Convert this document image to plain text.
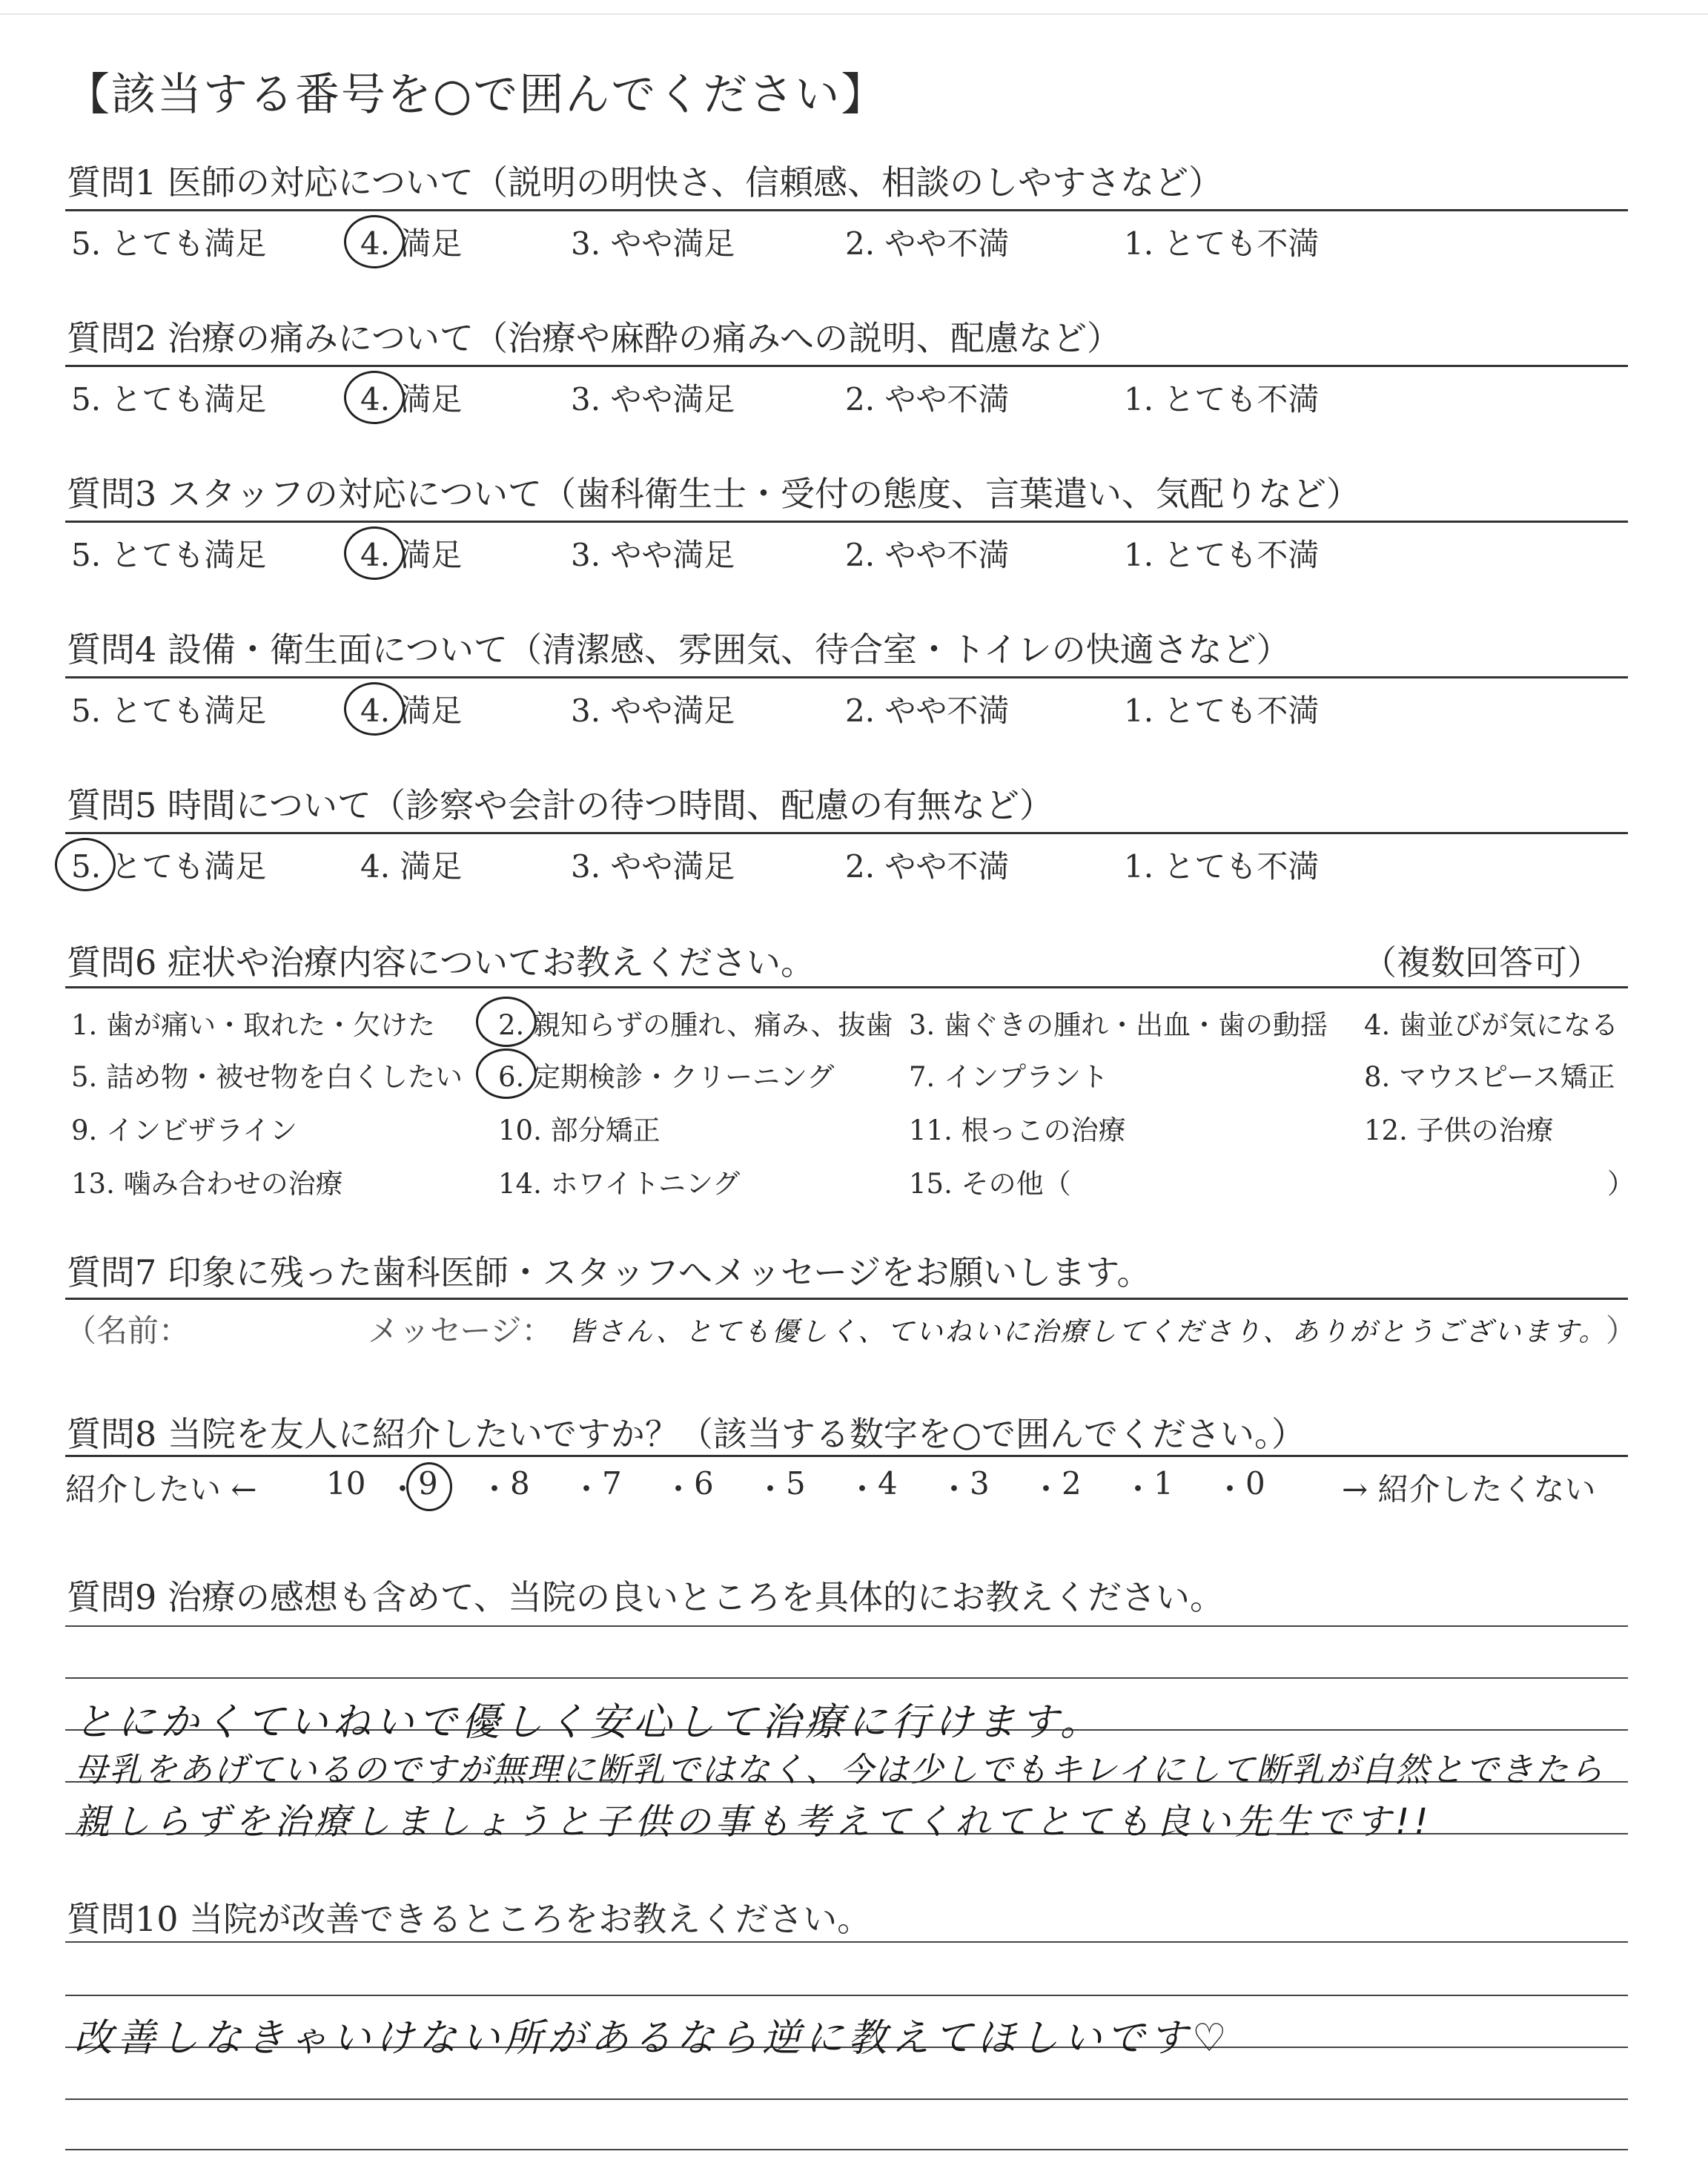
【該当する番号を○で囲んでください】
質問1 医師の対応について（説明の明快さ、信頼感、相談のしやすさなど）
5. とても満足	4. 満足	3. やや満足	2. やや不満	1. とても不満
質問2 治療の痛みについて（治療や麻酔の痛みへの説明、配慮など）
5. とても満足	4. 満足	3. やや満足	2. やや不満	1. とても不満
質問3 スタッフの対応について（歯科衛生士・受付の態度、言葉遣い、気配りなど）
5. とても満足	4. 満足	3. やや満足	2. やや不満	1. とても不満
質問4 設備・衛生面について（清潔感、雰囲気、待合室・トイレの快適さなど）
5. とても満足	4. 満足	3. やや満足	2. やや不満	1. とても不満
質問5 時間について（診察や会計の待つ時間、配慮の有無など）
5. とても満足	4. 満足	3. やや満足	2. やや不満	1. とても不満
質問6 症状や治療内容についてお教えください。	（複数回答可）
1. 歯が痛い・取れた・欠けた 2. 親知らずの腫れ、痛み、抜歯 3. 歯ぐきの腫れ・出血・歯の動揺 4. 歯並びが気になる
5. 詰め物・被せ物を白くしたい 6. 定期検診・クリーニング	7. インプラント	8. マウスピース矯正
9. インビザライン	10. 部分矯正	11. 根っこの治療	12. 子供の治療
13. 噛み合わせの治療	14. ホワイトニング	15. その他（	）
質問7 印象に残った歯科医師・スタッフへメッセージをお願いします。
（名前：	メッセージ： 皆さん、とても優しく、ていねいに治療してくださり、ありがとうございます。
）
質問8 当院を友人に紹介したいですか？（該当する数字を○で囲んでください。）
紹介したい ← 10 ・ 9 ・ 8 ・ 7 ・ 6 ・ 5 ・ 4 ・ 3 ・ 2 ・ 1 ・ 0 → 紹介したくない
質問9 治療の感想も含めて、当院の良いところを具体的にお教えください。
とにかくていねいで優しく安心して治療に行けます。
母乳をあげているのですが無理に断乳ではなく、今は少しでもキレイにして断乳が自然とできたら
親しらずを治療しましょうと子供の事も考えてくれてとても良い先生です!!
質問10 当院が改善できるところをお教えください。
改善しなきゃいけない所があるなら逆に教えてほしいです♡
